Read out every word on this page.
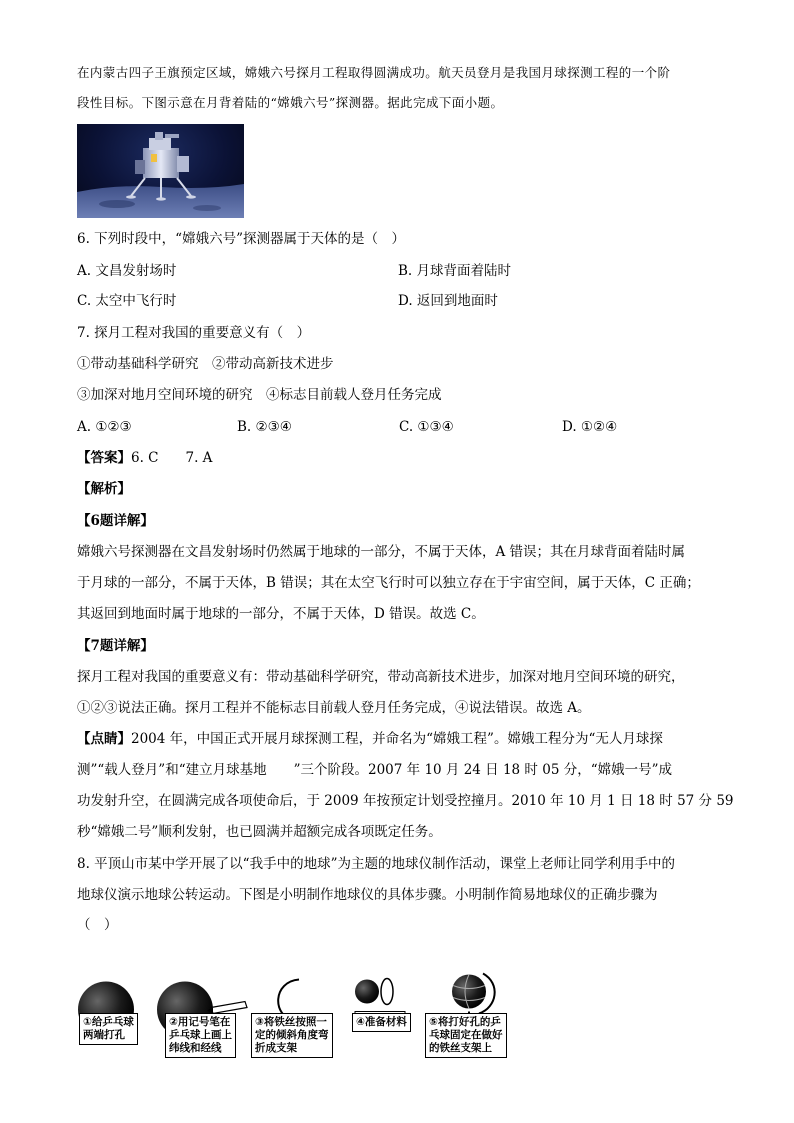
在内蒙古四子王旗预定区域，嫦娥六号探月工程取得圆满成功。航天员登月是我国月球探测工程的一个阶
段性目标。下图示意在月背着陆的“嫦娥六号”探测器。据此完成下面小题。
6. 下列时段中，“嫦娥六号”探测器属于天体的是（　）
A. 文昌发射场时	B. 月球背面着陆时
C. 太空中飞行时	D. 返回到地面时
7. 探月工程对我国的重要意义有（　）
①带动基础科学研究　②带动高新技术进步
③加深对地月空间环境的研究　④标志目前载人登月任务完成
A. ①②③	B. ②③④	C. ①③④	D. ①②④
【答案】6. C　　7. A
【解析】
【6题详解】
嫦娥六号探测器在文昌发射场时仍然属于地球的一部分，不属于天体，A 错误；其在月球背面着陆时属
于月球的一部分，不属于天体，B 错误；其在太空飞行时可以独立存在于宇宙空间，属于天体，C 正确；
其返回到地面时属于地球的一部分，不属于天体，D 错误。故选 C。
【7题详解】
探月工程对我国的重要意义有：带动基础科学研究，带动高新技术进步，加深对地月空间环境的研究，
①②③说法正确。探月工程并不能标志目前载人登月任务完成，④说法错误。故选 A。
【点睛】2004 年，中国正式开展月球探测工程，并命名为“嫦娥工程”。嫦娥工程分为“无人月球探
测”“载人登月”和“建立月球基地　　”三个阶段。2007 年 10 月 24 日 18 时 05 分，“嫦娥一号”成
功发射升空，在圆满完成各项使命后，于 2009 年按预定计划受控撞月。2010 年 10 月 1 日 18 时 57 分 59
秒“嫦娥二号”顺利发射，也已圆满并超额完成各项既定任务。
8. 平顶山市某中学开展了以“我手中的地球”为主题的地球仪制作活动，课堂上老师让同学利用手中的
地球仪演示地球公转运动。下图是小明制作地球仪的具体步骤。小明制作简易地球仪的正确步骤为
（　）
①给乒乓球
两端打孔
②用记号笔在
乒乓球上画上
纬线和经线
③将铁丝按照一
定的倾斜角度弯
折成支架
④准备材料	⑤将打好孔的乒
乓球固定在做好
的铁丝支架上
